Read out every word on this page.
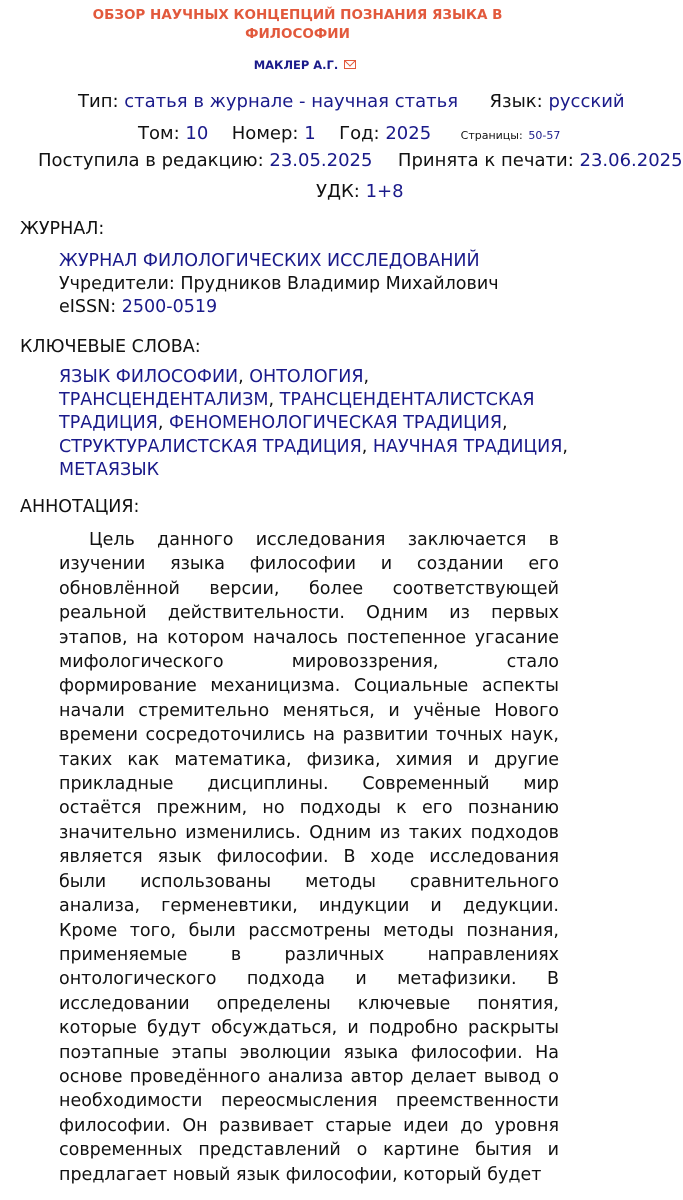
ОБЗОР НАУЧНЫХ КОНЦЕПЦИЙ ПОЗНАНИЯ ЯЗЫКА В ФИЛОСОФИИ
МАКЛЕР А.Г.
Тип: статья в журнале - научная статья Язык: русский
Том: 10 Номер: 1 Год: 2025	Страницы: 50-57
Поступила в редакцию: 23.05.2025 Принята к печати: 23.06.2025
УДК: 1+8
ЖУРНАЛ:
ЖУРНАЛ ФИЛОЛОГИЧЕСКИХ ИССЛЕДОВАНИЙ
Учредители: Прудников Владимир Михайлович
eISSN: 2500-0519
КЛЮЧЕВЫЕ СЛОВА:
ЯЗЫК ФИЛОСОФИИ, ОНТОЛОГИЯ, ТРАНСЦЕНДЕНТАЛИЗМ, ТРАНСЦЕНДЕНТАЛИСТСКАЯ ТРАДИЦИЯ, ФЕНОМЕНОЛОГИЧЕСКАЯ ТРАДИЦИЯ, СТРУКТУРАЛИСТСКАЯ ТРАДИЦИЯ, НАУЧНАЯ ТРАДИЦИЯ, МЕТАЯЗЫК
АННОТАЦИЯ:

Цель данного исследования заключается в изучении языка философии и создании его обновлённой версии, более соответствующей реальной действительности. Одним из первых этапов, на котором началось постепенное угасание мифологического мировоззрения, стало формирование механицизма. Социальные аспекты начали стремительно меняться, и учёные Нового времени сосредоточились на развитии точных наук, таких как математика, физика, химия и другие прикладные дисциплины. Современный мир остаётся прежним, но подходы к его познанию значительно изменились. Одним из таких подходов является язык философии. В ходе исследования были использованы методы сравнительного анализа, герменевтики, индукции и дедукции. Кроме того, были рассмотрены методы познания, применяемые в различных направлениях онтологического подхода и метафизики. В исследовании определены ключевые понятия, которые будут обсуждаться, и подробно раскрыты поэтапные этапы эволюции языка философии. На основе проведённого анализа автор делает вывод о необходимости переосмысления преемственности философии. Он развивает старые идеи до уровня современных представлений о картине бытия и предлагает новый язык философии, который будет
